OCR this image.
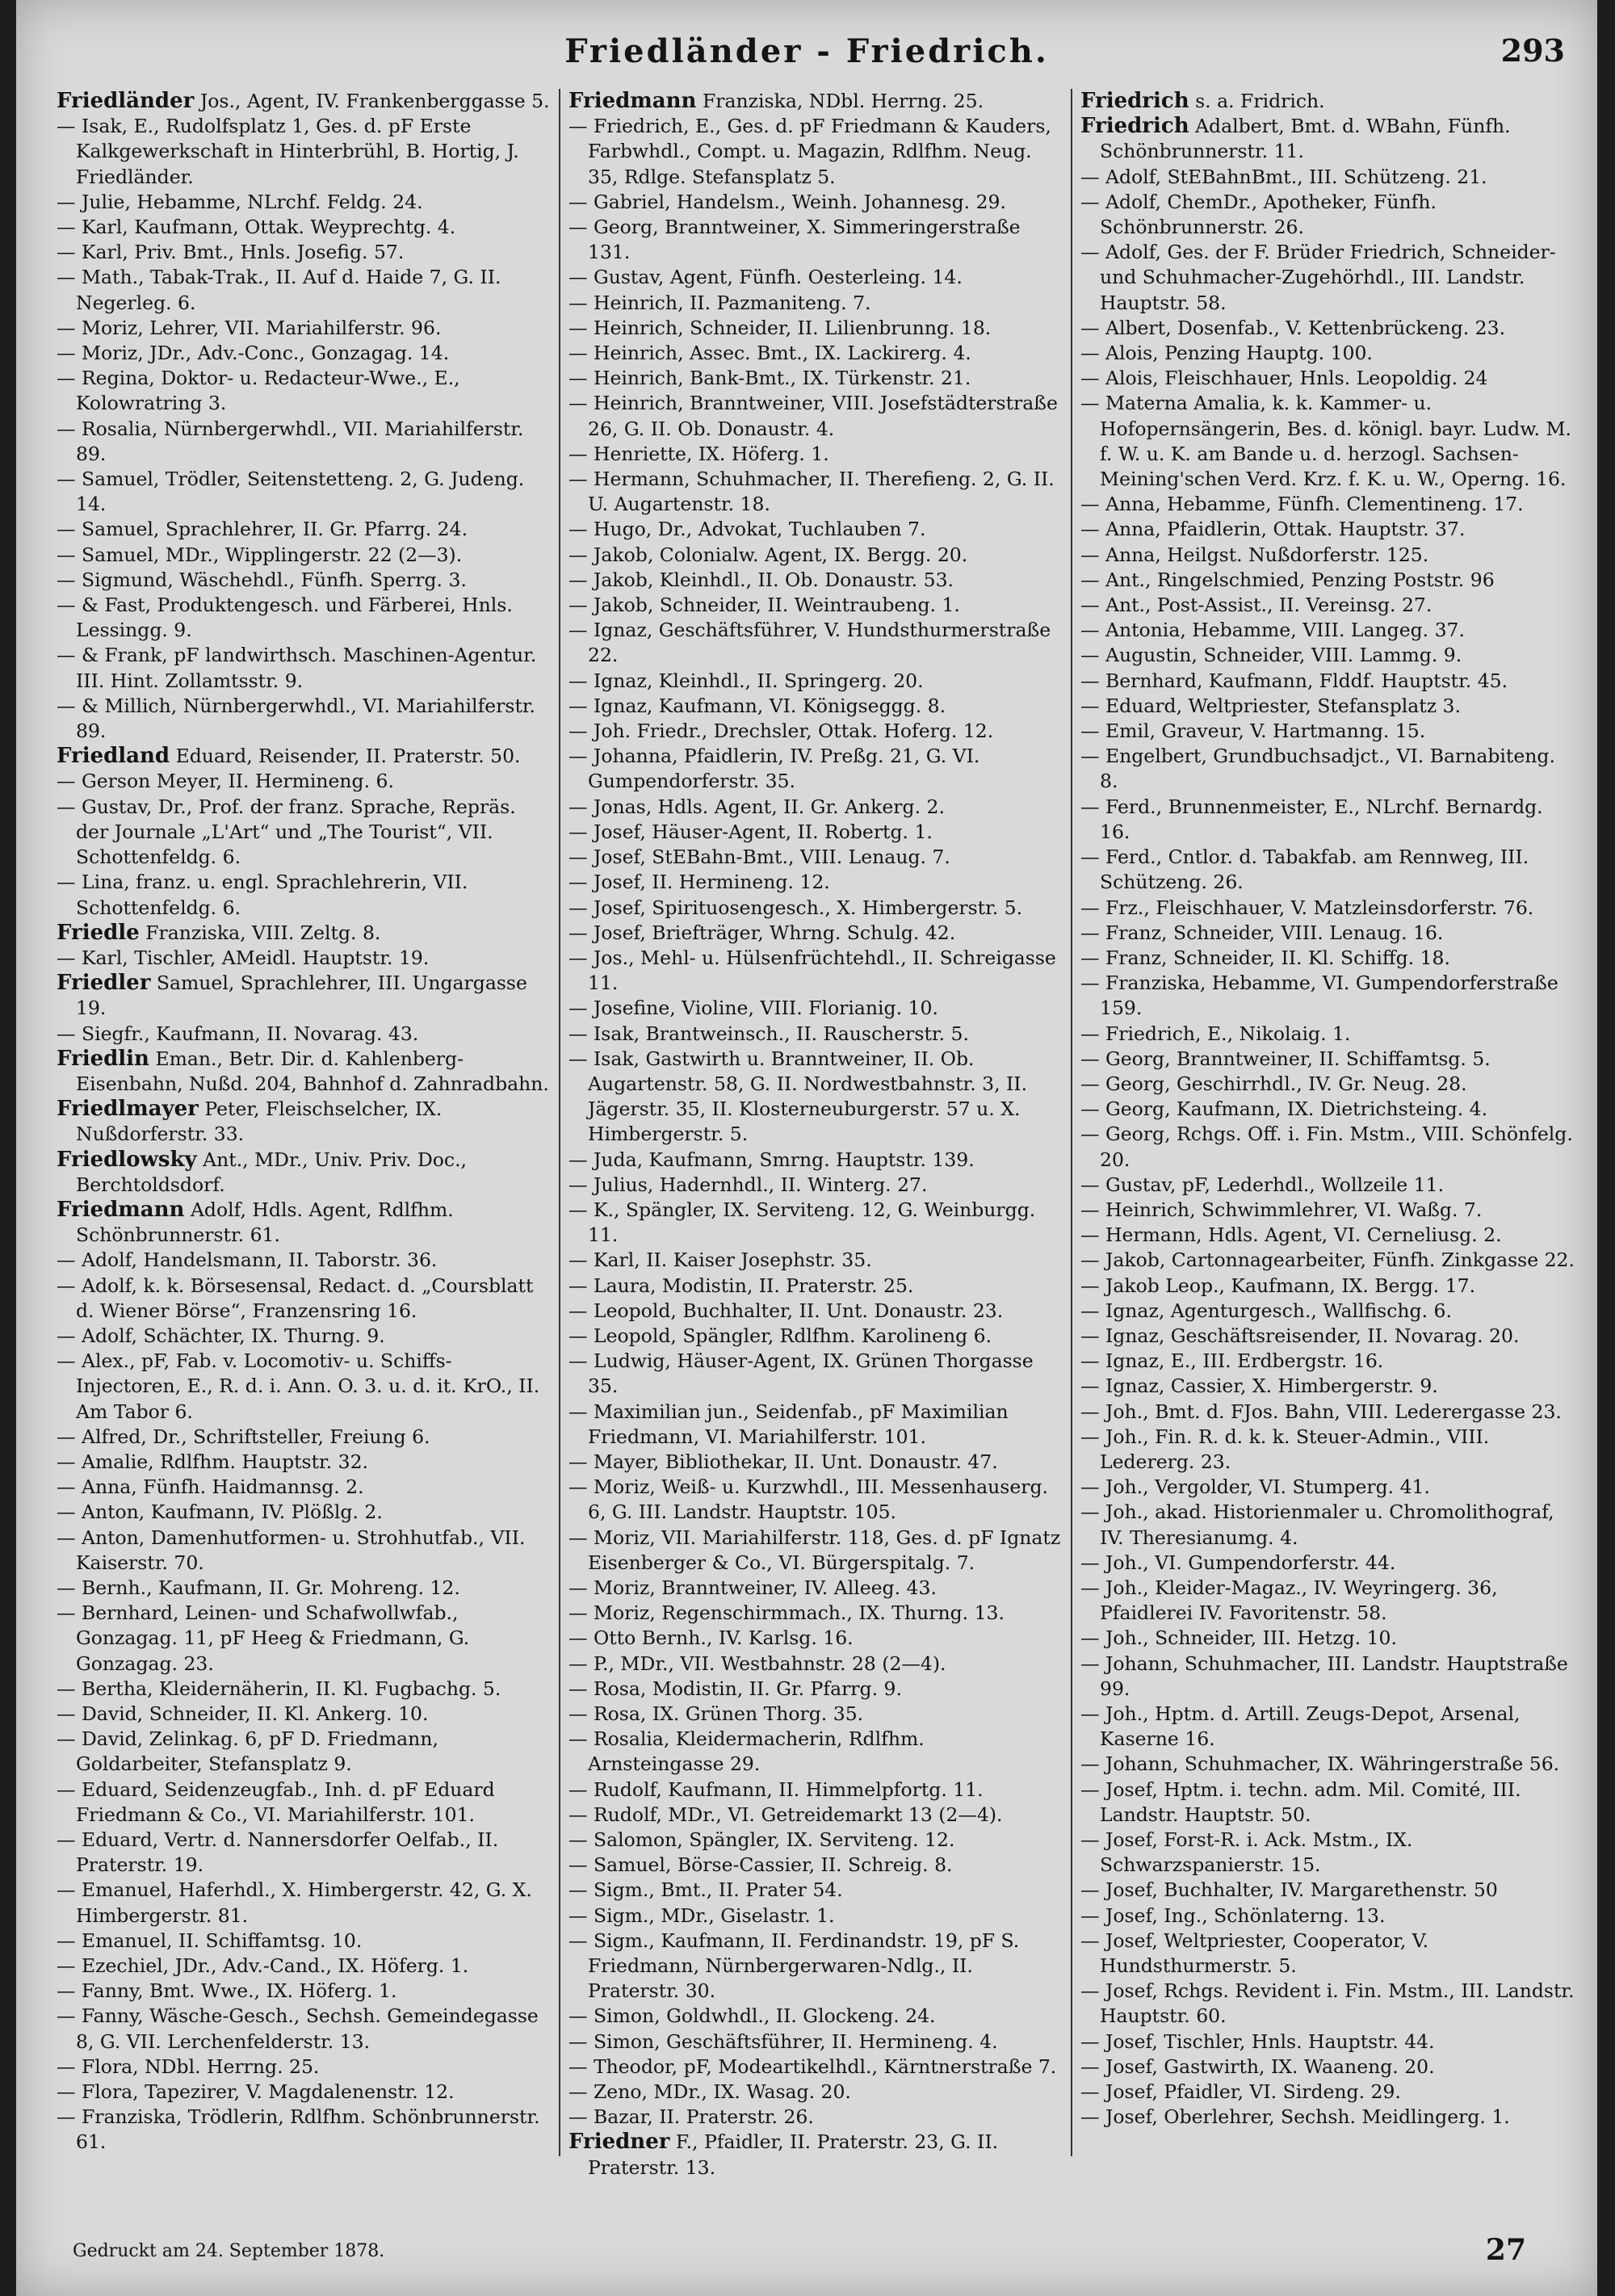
Friedländer - Friedrich.	293

Friedländer Jos., Agent, IV. Frankenberggasse 5.

— Isak, E., Rudolfsplatz 1, Ges. d. pF Erste Kalkgewerkschaft in Hinterbrühl, B. Hortig, J. Friedländer.

— Julie, Hebamme, NLrchf. Feldg. 24.

— Karl, Kaufmann, Ottak. Weyprechtg. 4.

— Karl, Priv. Bmt., Hnls. Josefig. 57.

— Math., Tabak-Trak., II. Auf d. Haide 7, G. II. Negerleg. 6.

— Moriz, Lehrer, VII. Mariahilferstr. 96.

— Moriz, JDr., Adv.-Conc., Gonzagag. 14.

— Regina, Doktor- u. Redacteur-Wwe., E., Kolowratring 3.

— Rosalia, Nürnbergerwhdl., VII. Mariahilferstr. 89.

— Samuel, Trödler, Seitenstetteng. 2, G. Judeng. 14.

— Samuel, Sprachlehrer, II. Gr. Pfarrg. 24.

— Samuel, MDr., Wipplingerstr. 22 (2—3).

— Sigmund, Wäschehdl., Fünfh. Sperrg. 3.

— & Fast, Produktengesch. und Färberei, Hnls. Lessingg. 9.

— & Frank, pF landwirthsch. Maschinen-Agentur. III. Hint. Zollamtsstr. 9.

— & Millich, Nürnbergerwhdl., VI. Mariahilferstr. 89.

Friedland Eduard, Reisender, II. Praterstr. 50.

— Gerson Meyer, II. Hermineng. 6.

— Gustav, Dr., Prof. der franz. Sprache, Repräs. der Journale „L'Art“ und „The Tourist“, VII. Schottenfeldg. 6.

— Lina, franz. u. engl. Sprachlehrerin, VII. Schottenfeldg. 6.

Friedle Franziska, VIII. Zeltg. 8.

— Karl, Tischler, AMeidl. Hauptstr. 19.

Friedler Samuel, Sprachlehrer, III. Ungargasse 19.

— Siegfr., Kaufmann, II. Novarag. 43.

Friedlin Eman., Betr. Dir. d. Kahlenberg-Eisenbahn, Nußd. 204, Bahnhof d. Zahnradbahn.

Friedlmayer Peter, Fleischselcher, IX. Nußdorferstr. 33.

Friedlowsky Ant., MDr., Univ. Priv. Doc., Berchtoldsdorf.

Friedmann Adolf, Hdls. Agent, Rdlfhm. Schönbrunnerstr. 61.

— Adolf, Handelsmann, II. Taborstr. 36.

— Adolf, k. k. Börsesensal, Redact. d. „Coursblatt d. Wiener Börse“, Franzensring 16.

— Adolf, Schächter, IX. Thurng. 9.

— Alex., pF, Fab. v. Locomotiv- u. Schiffs-Injectoren, E., R. d. i. Ann. O. 3. u. d. it. KrO., II. Am Tabor 6.

— Alfred, Dr., Schriftsteller, Freiung 6.

— Amalie, Rdlfhm. Hauptstr. 32.

— Anna, Fünfh. Haidmannsg. 2.

— Anton, Kaufmann, IV. Plößlg. 2.

— Anton, Damenhutformen- u. Strohhutfab., VII. Kaiserstr. 70.

— Bernh., Kaufmann, II. Gr. Mohreng. 12.

— Bernhard, Leinen- und Schafwollwfab., Gonzagag. 11, pF Heeg & Friedmann, G. Gonzagag. 23.

— Bertha, Kleidernäherin, II. Kl. Fugbachg. 5.

— David, Schneider, II. Kl. Ankerg. 10.

— David, Zelinkag. 6, pF D. Friedmann, Goldarbeiter, Stefansplatz 9.

— Eduard, Seidenzeugfab., Inh. d. pF Eduard Friedmann & Co., VI. Mariahilferstr. 101.

— Eduard, Vertr. d. Nannersdorfer Oelfab., II. Praterstr. 19.

— Emanuel, Haferhdl., X. Himbergerstr. 42, G. X. Himbergerstr. 81.

— Emanuel, II. Schiffamtsg. 10.

— Ezechiel, JDr., Adv.-Cand., IX. Höferg. 1.

— Fanny, Bmt. Wwe., IX. Höferg. 1.

— Fanny, Wäsche-Gesch., Sechsh. Gemeindegasse 8, G. VII. Lerchenfelderstr. 13.

— Flora, NDbl. Herrng. 25.

— Flora, Tapezirer, V. Magdalenenstr. 12.

— Franziska, Trödlerin, Rdlfhm. Schönbrunnerstr. 61.

Friedmann Franziska, NDbl. Herrng. 25.

— Friedrich, E., Ges. d. pF Friedmann & Kauders, Farbwhdl., Compt. u. Magazin, Rdlfhm. Neug. 35, Rdlge. Stefansplatz 5.

— Gabriel, Handelsm., Weinh. Johannesg. 29.

— Georg, Branntweiner, X. Simmeringerstraße 131.

— Gustav, Agent, Fünfh. Oesterleing. 14.

— Heinrich, II. Pazmaniteng. 7.

— Heinrich, Schneider, II. Lilienbrunng. 18.

— Heinrich, Assec. Bmt., IX. Lackirerg. 4.

— Heinrich, Bank-Bmt., IX. Türkenstr. 21.

— Heinrich, Branntweiner, VIII. Josefstädterstraße 26, G. II. Ob. Donaustr. 4.

— Henriette, IX. Höferg. 1.

— Hermann, Schuhmacher, II. Therefieng. 2, G. II. U. Augartenstr. 18.

— Hugo, Dr., Advokat, Tuchlauben 7.

— Jakob, Colonialw. Agent, IX. Bergg. 20.

— Jakob, Kleinhdl., II. Ob. Donaustr. 53.

— Jakob, Schneider, II. Weintraubeng. 1.

— Ignaz, Geschäftsführer, V. Hundsthurmerstraße 22.

— Ignaz, Kleinhdl., II. Springerg. 20.

— Ignaz, Kaufmann, VI. Königseggg. 8.

— Joh. Friedr., Drechsler, Ottak. Hoferg. 12.

— Johanna, Pfaidlerin, IV. Preßg. 21, G. VI. Gumpendorferstr. 35.

— Jonas, Hdls. Agent, II. Gr. Ankerg. 2.

— Josef, Häuser-Agent, II. Robertg. 1.

— Josef, StEBahn-Bmt., VIII. Lenaug. 7.

— Josef, II. Hermineng. 12.

— Josef, Spirituosengesch., X. Himbergerstr. 5.

— Josef, Briefträger, Whrng. Schulg. 42.

— Jos., Mehl- u. Hülsenfrüchtehdl., II. Schreigasse 11.

— Josefine, Violine, VIII. Florianig. 10.

— Isak, Brantweinsch., II. Rauscherstr. 5.

— Isak, Gastwirth u. Branntweiner, II. Ob. Augartenstr. 58, G. II. Nordwestbahnstr. 3, II. Jägerstr. 35, II. Klosterneuburgerstr. 57 u. X. Himbergerstr. 5.

— Juda, Kaufmann, Smrng. Hauptstr. 139.

— Julius, Hadernhdl., II. Winterg. 27.

— K., Spängler, IX. Serviteng. 12, G. Weinburgg. 11.

— Karl, II. Kaiser Josephstr. 35.

— Laura, Modistin, II. Praterstr. 25.

— Leopold, Buchhalter, II. Unt. Donaustr. 23.

— Leopold, Spängler, Rdlfhm. Karolineng 6.

— Ludwig, Häuser-Agent, IX. Grünen Thorgasse 35.

— Maximilian jun., Seidenfab., pF Maximilian Friedmann, VI. Mariahilferstr. 101.

— Mayer, Bibliothekar, II. Unt. Donaustr. 47.

— Moriz, Weiß- u. Kurzwhdl., III. Messenhauserg. 6, G. III. Landstr. Hauptstr. 105.

— Moriz, VII. Mariahilferstr. 118, Ges. d. pF Ignatz Eisenberger & Co., VI. Bürgerspitalg. 7.

— Moriz, Branntweiner, IV. Alleeg. 43.

— Moriz, Regenschirmmach., IX. Thurng. 13.

— Otto Bernh., IV. Karlsg. 16.

— P., MDr., VII. Westbahnstr. 28 (2—4).

— Rosa, Modistin, II. Gr. Pfarrg. 9.

— Rosa, IX. Grünen Thorg. 35.

— Rosalia, Kleidermacherin, Rdlfhm. Arnsteingasse 29.

— Rudolf, Kaufmann, II. Himmelpfortg. 11.

— Rudolf, MDr., VI. Getreidemarkt 13 (2—4).

— Salomon, Spängler, IX. Serviteng. 12.

— Samuel, Börse-Cassier, II. Schreig. 8.

— Sigm., Bmt., II. Prater 54.

— Sigm., MDr., Giselastr. 1.

— Sigm., Kaufmann, II. Ferdinandstr. 19, pF S. Friedmann, Nürnbergerwaren-Ndlg., II. Praterstr. 30.

— Simon, Goldwhdl., II. Glockeng. 24.

— Simon, Geschäftsführer, II. Hermineng. 4.

— Theodor, pF, Modeartikelhdl., Kärntnerstraße 7.

— Zeno, MDr., IX. Wasag. 20.

— Bazar, II. Praterstr. 26.

Friedner F., Pfaidler, II. Praterstr. 23, G. II. Praterstr. 13.

Friedrich s. a. Fridrich.

Friedrich Adalbert, Bmt. d. WBahn, Fünfh. Schönbrunnerstr. 11.

— Adolf, StEBahnBmt., III. Schützeng. 21.

— Adolf, ChemDr., Apotheker, Fünfh. Schönbrunnerstr. 26.

— Adolf, Ges. der F. Brüder Friedrich, Schneider- und Schuhmacher-Zugehörhdl., III. Landstr. Hauptstr. 58.

— Albert, Dosenfab., V. Kettenbrückeng. 23.

— Alois, Penzing Hauptg. 100.

— Alois, Fleischhauer, Hnls. Leopoldig. 24

— Materna Amalia, k. k. Kammer- u. Hofopernsängerin, Bes. d. königl. bayr. Ludw. M. f. W. u. K. am Bande u. d. herzogl. Sachsen-Meining'schen Verd. Krz. f. K. u. W., Operng. 16.

— Anna, Hebamme, Fünfh. Clementineng. 17.

— Anna, Pfaidlerin, Ottak. Hauptstr. 37.

— Anna, Heilgst. Nußdorferstr. 125.

— Ant., Ringelschmied, Penzing Poststr. 96

— Ant., Post-Assist., II. Vereinsg. 27.

— Antonia, Hebamme, VIII. Langeg. 37.

— Augustin, Schneider, VIII. Lammg. 9.

— Bernhard, Kaufmann, Flddf. Hauptstr. 45.

— Eduard, Weltpriester, Stefansplatz 3.

— Emil, Graveur, V. Hartmanng. 15.

— Engelbert, Grundbuchsadjct., VI. Barnabiteng. 8.

— Ferd., Brunnenmeister, E., NLrchf. Bernardg. 16.

— Ferd., Cntlor. d. Tabakfab. am Rennweg, III. Schützeng. 26.

— Frz., Fleischhauer, V. Matzleinsdorferstr. 76.

— Franz, Schneider, VIII. Lenaug. 16.

— Franz, Schneider, II. Kl. Schiffg. 18.

— Franziska, Hebamme, VI. Gumpendorferstraße 159.

— Friedrich, E., Nikolaig. 1.

— Georg, Branntweiner, II. Schiffamtsg. 5.

— Georg, Geschirrhdl., IV. Gr. Neug. 28.

— Georg, Kaufmann, IX. Dietrichsteing. 4.

— Georg, Rchgs. Off. i. Fin. Mstm., VIII. Schönfelg. 20.

— Gustav, pF, Lederhdl., Wollzeile 11.

— Heinrich, Schwimmlehrer, VI. Waßg. 7.

— Hermann, Hdls. Agent, VI. Cerneliusg. 2.

— Jakob, Cartonnagearbeiter, Fünfh. Zinkgasse 22.

— Jakob Leop., Kaufmann, IX. Bergg. 17.

— Ignaz, Agenturgesch., Wallfischg. 6.

— Ignaz, Geschäftsreisender, II. Novarag. 20.

— Ignaz, E., III. Erdbergstr. 16.

— Ignaz, Cassier, X. Himbergerstr. 9.

— Joh., Bmt. d. FJos. Bahn, VIII. Lederergasse 23.

— Joh., Fin. R. d. k. k. Steuer-Admin., VIII. Ledererg. 23.

— Joh., Vergolder, VI. Stumperg. 41.

— Joh., akad. Historienmaler u. Chromolithograf, IV. Theresianumg. 4.

— Joh., VI. Gumpendorferstr. 44.

— Joh., Kleider-Magaz., IV. Weyringerg. 36, Pfaidlerei IV. Favoritenstr. 58.

— Joh., Schneider, III. Hetzg. 10.

— Johann, Schuhmacher, III. Landstr. Hauptstraße 99.

— Joh., Hptm. d. Artill. Zeugs-Depot, Arsenal, Kaserne 16.

— Johann, Schuhmacher, IX. Währingerstraße 56.

— Josef, Hptm. i. techn. adm. Mil. Comité, III. Landstr. Hauptstr. 50.

— Josef, Forst-R. i. Ack. Mstm., IX. Schwarzspanierstr. 15.

— Josef, Buchhalter, IV. Margarethenstr. 50

— Josef, Ing., Schönlaterng. 13.

— Josef, Weltpriester, Cooperator, V. Hundsthurmerstr. 5.

— Josef, Rchgs. Revident i. Fin. Mstm., III. Landstr. Hauptstr. 60.

— Josef, Tischler, Hnls. Hauptstr. 44.

— Josef, Gastwirth, IX. Waaneng. 20.

— Josef, Pfaidler, VI. Sirdeng. 29.

— Josef, Oberlehrer, Sechsh. Meidlingerg. 1.

Gedruckt am 24. September 1878.	27
